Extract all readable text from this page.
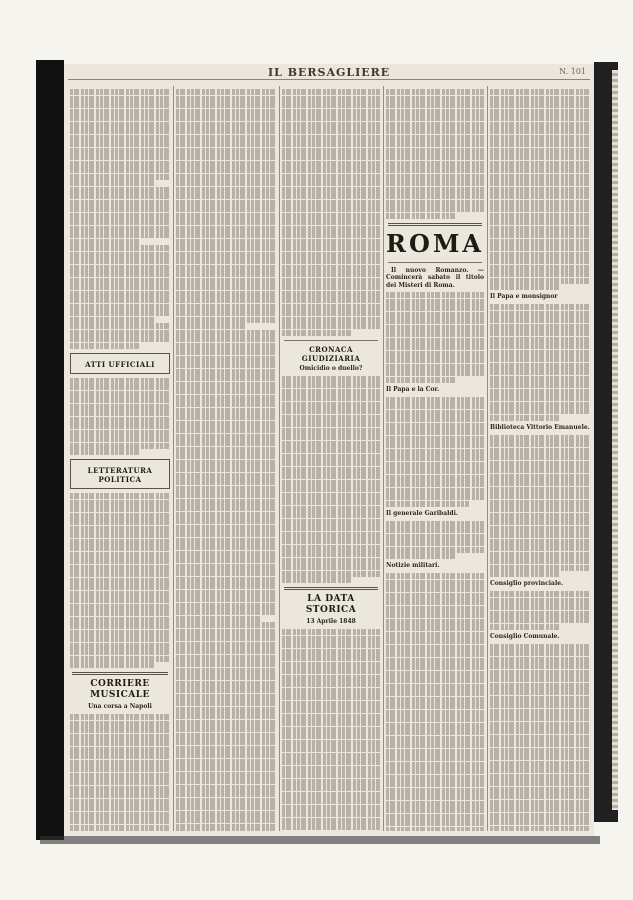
IL BERSAGLIERE	N. 101
ATTI UFFICIALI
LETTERATURA POLITICA
CORRIERE MUSICALE
Una corsa a Napoli
CRONACA GIUDIZIARIA
Omicidio o duello?
LA DATA STORICA
13 Aprile 1848
ROMA
Il nuovo Romanzo. — Comincerà sabato il titolo dei Misteri di Roma.
Il Papa e la Cor.
Il generale Garibaldi.
Notizie militari.
Il Papa e monsignor
Biblioteca Vittorio Emanuele.
Consiglio provinciale.
Consiglio Comunale.
